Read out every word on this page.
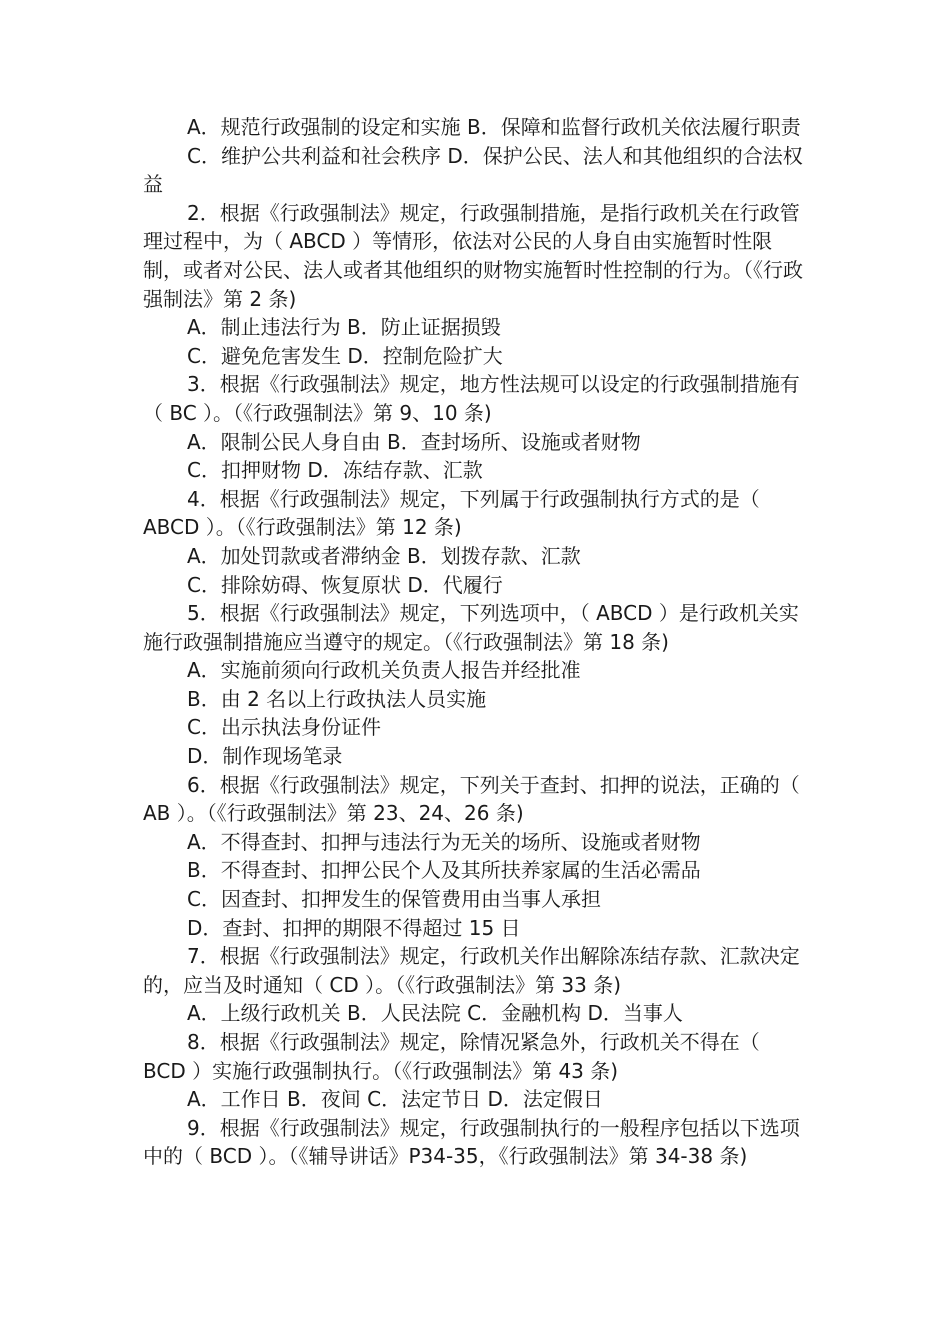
A．规范行政强制的设定和实施 B．保障和监督行政机关依法履行职责

C．维护公共利益和社会秩序 D．保护公民、法人和其他组织的合法权益

2．根据《行政强制法》规定，行政强制措施，是指行政机关在行政管理过程中，为（ ABCD ）等情形，依法对公民的人身自由实施暂时性限制，或者对公民、法人或者其他组织的财物实施暂时性控制的行为。（《行政强制法》第 2 条)

A．制止违法行为 B．防止证据损毁

C．避免危害发生 D．控制危险扩大

3．根据《行政强制法》规定，地方性法规可以设定的行政强制措施有（ BC ）。（《行政强制法》第 9、10 条)

A．限制公民人身自由 B．查封场所、设施或者财物

C．扣押财物 D．冻结存款、汇款

4．根据《行政强制法》规定，下列属于行政强制执行方式的是（ ABCD ）。（《行政强制法》第 12 条)

A．加处罚款或者滞纳金 B．划拨存款、汇款

C．排除妨碍、恢复原状 D．代履行

5．根据《行政强制法》规定，下列选项中，（ ABCD ）是行政机关实施行政强制措施应当遵守的规定。（《行政强制法》第 18 条)

A．实施前须向行政机关负责人报告并经批准

B．由 2 名以上行政执法人员实施

C．出示执法身份证件

D．制作现场笔录

6．根据《行政强制法》规定，下列关于查封、扣押的说法，正确的（ AB ）。（《行政强制法》第 23、24、26 条)

A．不得查封、扣押与违法行为无关的场所、设施或者财物

B．不得查封、扣押公民个人及其所扶养家属的生活必需品

C．因查封、扣押发生的保管费用由当事人承担

D．查封、扣押的期限不得超过 15 日

7．根据《行政强制法》规定，行政机关作出解除冻结存款、汇款决定的，应当及时通知（ CD ）。（《行政强制法》第 33 条)

A．上级行政机关 B．人民法院 C．金融机构 D．当事人

8．根据《行政强制法》规定，除情况紧急外，行政机关不得在（ BCD ）实施行政强制执行。（《行政强制法》第 43 条)

A．工作日 B．夜间 C．法定节日 D．法定假日

9．根据《行政强制法》规定，行政强制执行的一般程序包括以下选项中的（ BCD ）。（《辅导讲话》P34-35，《行政强制法》第 34-38 条)
